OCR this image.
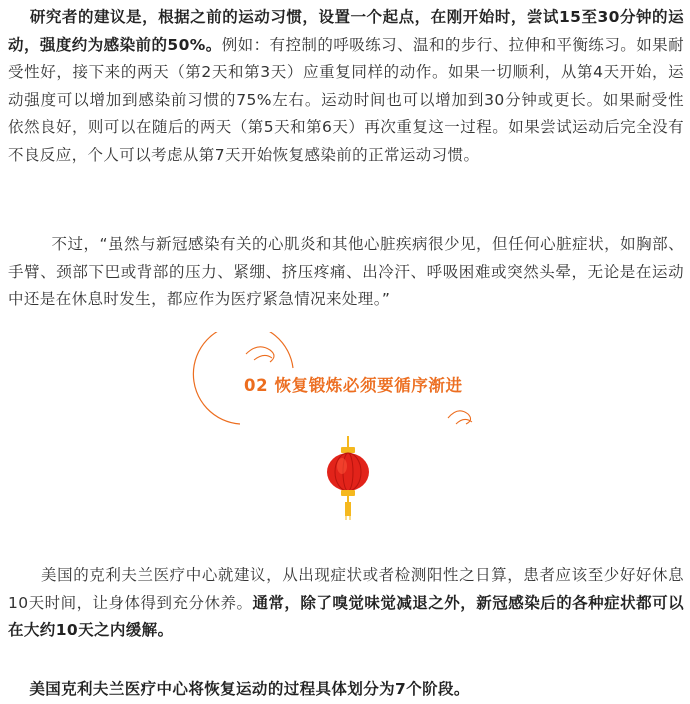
研究者的建议是，根据之前的运动习惯，设置一个起点，在刚开始时，尝试15至30分钟的运动，强度约为感染前的50%。例如：有控制的呼吸练习、温和的步行、拉伸和平衡练习。如果耐受性好，接下来的两天（第2天和第3天）应重复同样的动作。如果一切顺利，从第4天开始，运动强度可以增加到感染前习惯的75%左右。运动时间也可以增加到30分钟或更长。如果耐受性依然良好，则可以在随后的两天（第5天和第6天）再次重复这一过程。如果尝试运动后完全没有不良反应，个人可以考虑从第7天开始恢复感染前的正常运动习惯。

不过，“虽然与新冠感染有关的心肌炎和其他心脏疾病很少见，但任何心脏症状，如胸部、手臂、颈部下巴或背部的压力、紧绷、挤压疼痛、出冷汗、呼吸困难或突然头晕，无论是在运动中还是在休息时发生，都应作为医疗紧急情况来处理。”

02 恢复锻炼必须要循序渐进

美国的克利夫兰医疗中心就建议，从出现症状或者检测阳性之日算，患者应该至少好好休息10天时间，让身体得到充分休养。通常，除了嗅觉味觉减退之外，新冠感染后的各种症状都可以在大约10天之内缓解。

美国克利夫兰医疗中心将恢复运动的过程具体划分为7个阶段。
